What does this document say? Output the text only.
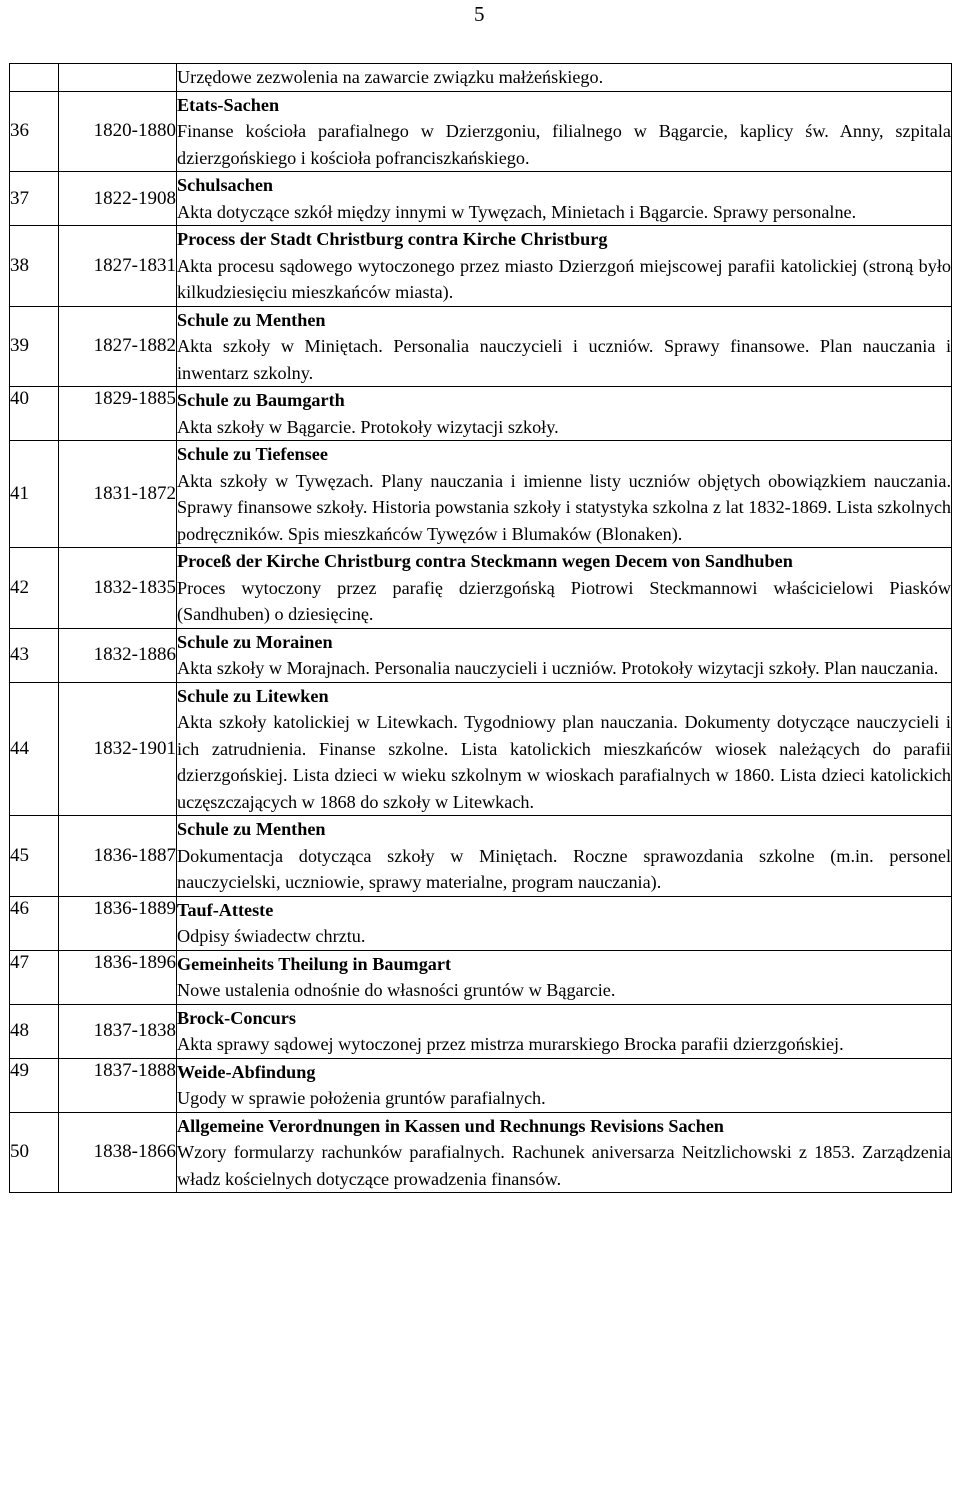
5

		Urzędowe zezwolenia na zawarcie związku małżeńskiego.

36	1820-1880	Etats-Sachen
Finanse kościoła parafialnego w Dzierzgoniu, filialnego w Bągarcie, kaplicy św. Anny, szpitala dzierzgońskiego i kościoła pofranciszkańskiego.

37	1822-1908	Schulsachen
Akta dotyczące szkół między innymi w Tywęzach, Minietach i Bągarcie. Sprawy personalne.

38	1827-1831	Process der Stadt Christburg contra Kirche Christburg
Akta procesu sądowego wytoczonego przez miasto Dzierzgoń miejscowej parafii katolickiej (stroną było kilkudziesięciu mieszkańców miasta).

39	1827-1882	Schule zu Menthen
Akta szkoły w Miniętach. Personalia nauczycieli i uczniów. Sprawy finansowe. Plan nauczania i inwentarz szkolny.

40	1829-1885	Schule zu Baumgarth
Akta szkoły w Bągarcie. Protokoły wizytacji szkoły.

41	1831-1872	Schule zu Tiefensee
Akta szkoły w Tywęzach. Plany nauczania i imienne listy uczniów objętych obowiązkiem nauczania. Sprawy finansowe szkoły. Historia powstania szkoły i statystyka szkolna z lat 1832-1869. Lista szkolnych podręczników. Spis mieszkańców Tywęzów i Blumaków (Blonaken).

42	1832-1835	Proceß der Kirche Christburg contra Steckmann wegen Decem von Sandhuben
Proces wytoczony przez parafię dzierzgońską Piotrowi Steckmannowi właścicielowi Piasków (Sandhuben) o dziesięcinę.

43	1832-1886	Schule zu Morainen
Akta szkoły w Morajnach. Personalia nauczycieli i uczniów. Protokoły wizytacji szkoły. Plan nauczania.

44	1832-1901	Schule zu Litewken
Akta szkoły katolickiej w Litewkach. Tygodniowy plan nauczania. Dokumenty dotyczące nauczycieli i ich zatrudnienia. Finanse szkolne. Lista katolickich mieszkańców wiosek należących do parafii dzierzgońskiej. Lista dzieci w wieku szkolnym w wioskach parafialnych w 1860. Lista dzieci katolickich uczęszczających w 1868 do szkoły w Litewkach.

45	1836-1887	Schule zu Menthen
Dokumentacja dotycząca szkoły w Miniętach. Roczne sprawozdania szkolne (m.in. personel nauczycielski, uczniowie, sprawy materialne, program nauczania).

46	1836-1889	Tauf-Atteste
Odpisy świadectw chrztu.

47	1836-1896	Gemeinheits Theilung in Baumgart
Nowe ustalenia odnośnie do własności gruntów w Bągarcie.

48	1837-1838	Brock-Concurs
Akta sprawy sądowej wytoczonej przez mistrza murarskiego Brocka parafii dzierzgońskiej.

49	1837-1888	Weide-Abfindung
Ugody w sprawie położenia gruntów parafialnych.

50	1838-1866	Allgemeine Verordnungen in Kassen und Rechnungs Revisions Sachen
Wzory formularzy rachunków parafialnych. Rachunek aniversarza Neitzlichowski z 1853. Zarządzenia władz kościelnych dotyczące prowadzenia finansów.
